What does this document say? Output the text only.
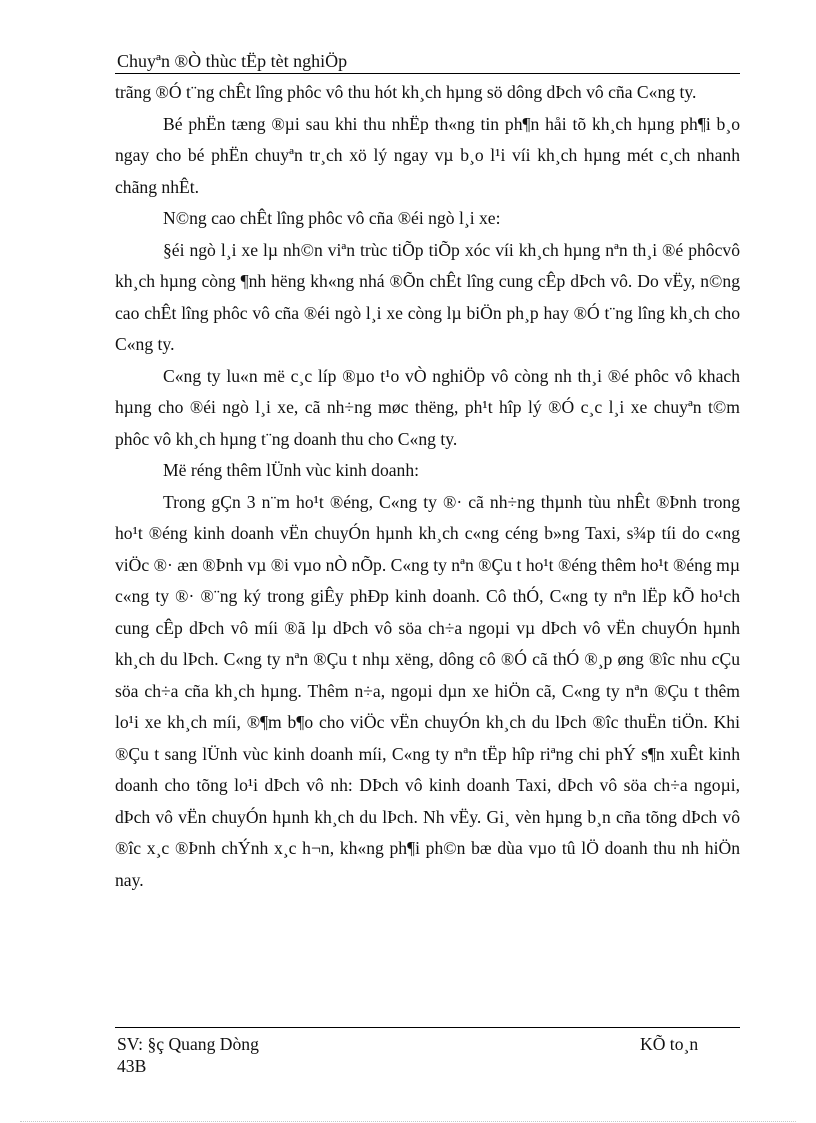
Chuyªn ®Ò thùc tËp tèt nghiÖp

trãng ®Ó t¨ng chÊt lîng phôc vô thu hót kh¸ch hµng sö dông dÞch vô cña C«ng ty.

Bé phËn tæng ®µi sau khi thu nhËp th«ng tin ph¶n håi tõ kh¸ch hµng ph¶i b¸o ngay cho bé phËn chuyªn tr¸ch xö lý ngay vµ b¸o l¹i víi kh¸ch hµng mét c¸ch nhanh chãng nhÊt.

N©ng cao chÊt lîng phôc vô cña ®éi ngò l¸i xe:

§éi ngò l¸i xe lµ nh©n viªn trùc tiÕp tiÕp xóc víi kh¸ch hµng nªn th¸i ®é phôcvô kh¸ch hµng còng ¶nh hëng kh«ng nhá ®Õn chÊt lîng cung cÊp dÞch vô. Do vËy, n©ng cao chÊt lîng phôc vô cña ®éi ngò l¸i xe còng lµ biÖn ph¸p hay ®Ó t¨ng lîng kh¸ch cho C«ng ty.

C«ng ty lu«n më c¸c líp ®µo t¹o vÒ nghiÖp vô còng nh th¸i ®é phôc vô khach hµng cho ®éi ngò l¸i xe, cã nh÷ng møc thëng, ph¹t hîp lý ®Ó c¸c l¸i xe chuyªn t©m phôc vô kh¸ch hµng t¨ng doanh thu cho C«ng ty.

Më réng thêm lÜnh vùc kinh doanh:

Trong gÇn 3 n¨m ho¹t ®éng, C«ng ty ®· cã nh÷ng thµnh tùu nhÊt ®Þnh trong ho¹t ®éng kinh doanh vËn chuyÓn hµnh kh¸ch c«ng céng b»ng Taxi, s¾p tíi do c«ng viÖc ®· æn ®Þnh vµ ®i vµo nÒ nÕp. C«ng ty nªn ®Çu t ho¹t ®éng thêm ho¹t ®éng mµ c«ng ty ®· ®¨ng ký trong giÊy phÐp kinh doanh. Cô thÓ, C«ng ty nªn lËp kÕ ho¹ch cung cÊp dÞch vô míi ®ã lµ dÞch vô söa ch÷a ngoµi vµ dÞch vô vËn chuyÓn hµnh kh¸ch du lÞch. C«ng ty nªn ®Çu t nhµ xëng, dông cô ®Ó cã thÓ ®¸p øng ®îc nhu cÇu söa ch÷a cña kh¸ch hµng. Thêm n÷a, ngoµi dµn xe hiÖn cã, C«ng ty nªn ®Çu t thêm lo¹i xe kh¸ch míi, ®¶m b¶o cho viÖc vËn chuyÓn kh¸ch du lÞch ®îc thuËn tiÖn. Khi ®Çu t sang lÜnh vùc kinh doanh míi, C«ng ty nªn tËp hîp riªng chi phÝ s¶n xuÊt kinh doanh cho tõng lo¹i dÞch vô nh: DÞch vô kinh doanh Taxi, dÞch vô söa ch÷a ngoµi, dÞch vô vËn chuyÓn hµnh kh¸ch du lÞch. Nh vËy. Gi¸ vèn hµng b¸n cña tõng dÞch vô ®îc x¸c ®Þnh chÝnh x¸c h¬n, kh«ng ph¶i ph©n bæ dùa vµo tû lÖ doanh thu nh hiÖn nay.

SV: §ç Quang Dòng
43B
KÕ to¸n
